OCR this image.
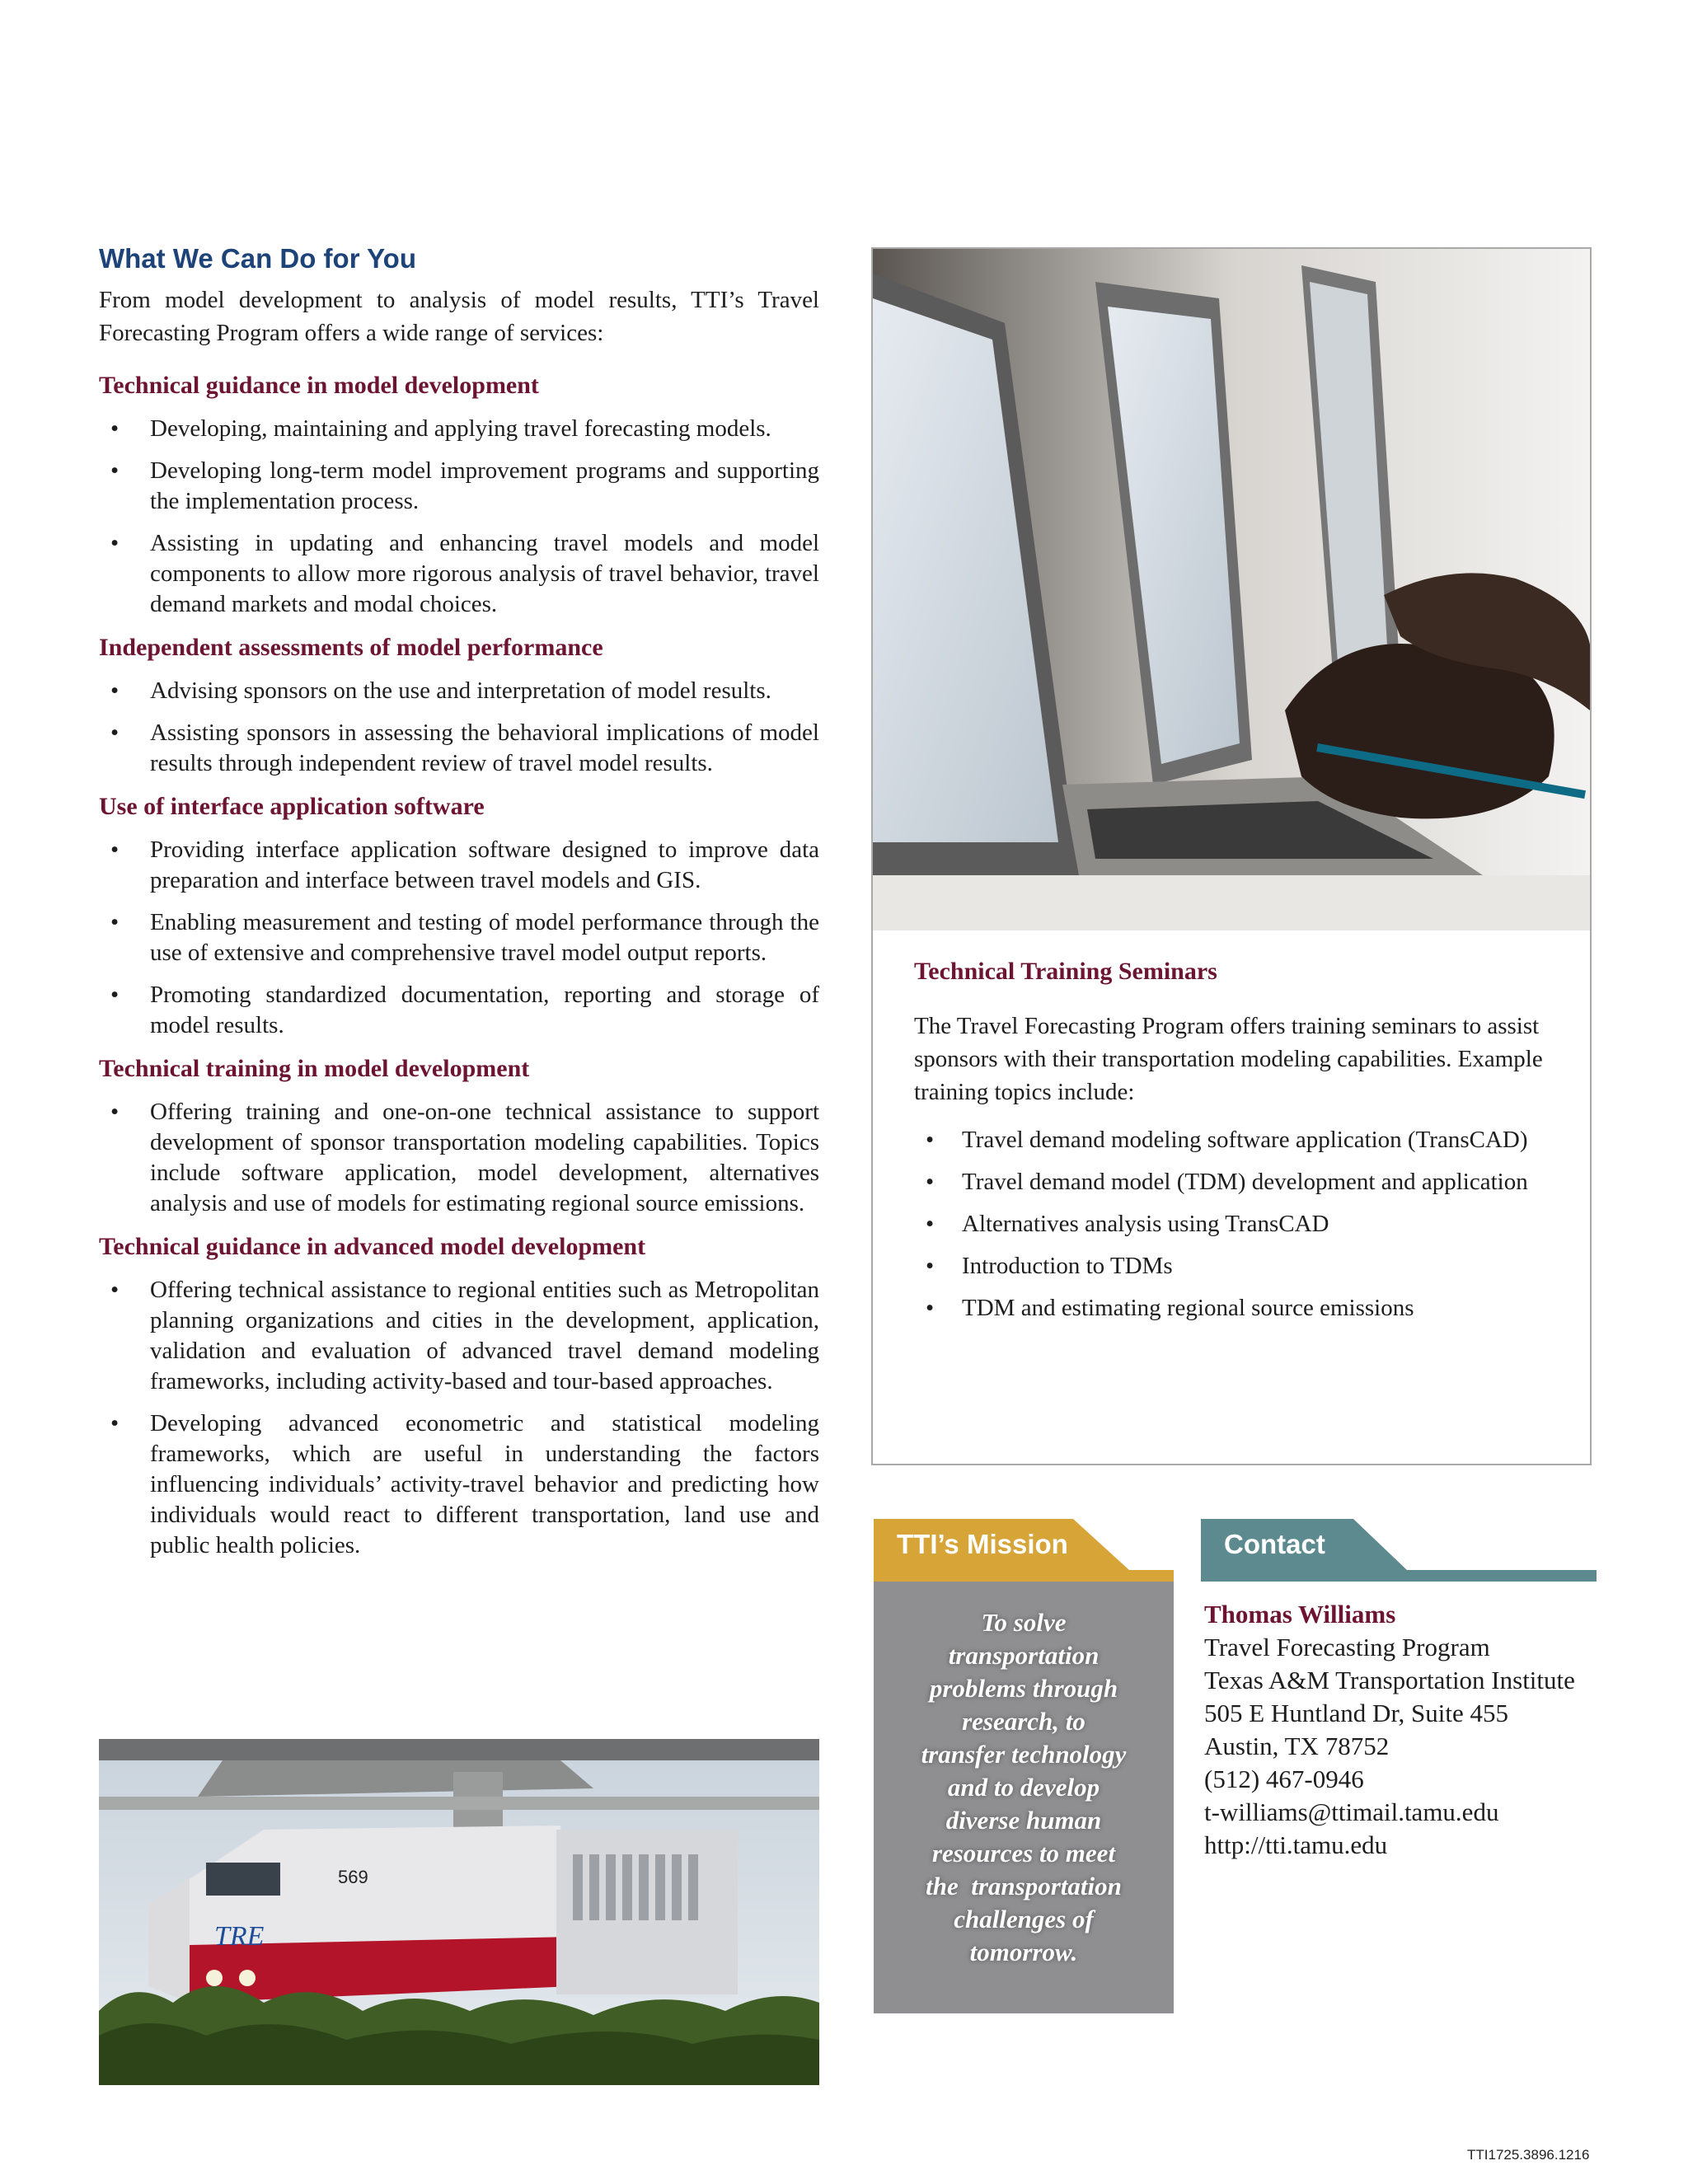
What We Can Do for You

From model development to analysis of model results, TTI’s Travel Forecasting Program offers a wide range of services:

Technical guidance in model development
• Developing, maintaining and applying travel forecasting models.
• Developing long-term model improvement programs and supporting the implementation process.
• Assisting in updating and enhancing travel models and model components to allow more rigorous analysis of travel behavior, travel demand markets and modal choices.
Independent assessments of model performance
• Advising sponsors on the use and interpretation of model results.
• Assisting sponsors in assessing the behavioral implications of model results through independent review of travel model results.
Use of interface application software
• Providing interface application software designed to improve data preparation and interface between travel models and GIS.
• Enabling measurement and testing of model performance through the use of extensive and comprehensive travel model output reports.
• Promoting standardized documentation, reporting and storage of model results.
Technical training in model development
• Offering training and one-on-one technical assistance to support development of sponsor transportation modeling capabilities. Topics include software application, model development, alternatives analysis and use of models for estimating regional source emissions.
Technical guidance in advanced model development
• Offering technical assistance to regional entities such as Metropolitan planning organizations and cities in the development, application, validation and evaluation of advanced travel demand modeling frameworks, including activity-based and tour-based approaches.
• Developing advanced econometric and statistical modeling frameworks, which are useful in understanding the factors influencing individuals’ activity-travel behavior and predicting how individuals would react to different transportation, land use and public health policies.
TRE
569
Technical Training Seminars

The Travel Forecasting Program offers training seminars to assist sponsors with their transportation modeling capabilities. Example training topics include:

• Travel demand modeling software application (TransCAD)
• Travel demand model (TDM) development and application
• Alternatives analysis using TransCAD
• Introduction to TDMs
• TDM and estimating regional source emissions
TTI’s Mission
To solve
transportation
problems through
research, to
transfer technology
and to develop
diverse human
resources to meet
the  transportation
challenges of
tomorrow.
Contact
Thomas Williams
Travel Forecasting Program
Texas A&M Transportation Institute
505 E Huntland Dr, Suite 455
Austin, TX 78752
(512) 467-0946
t-williams@ttimail.tamu.edu
http://tti.tamu.edu
TTI1725.3896.1216
